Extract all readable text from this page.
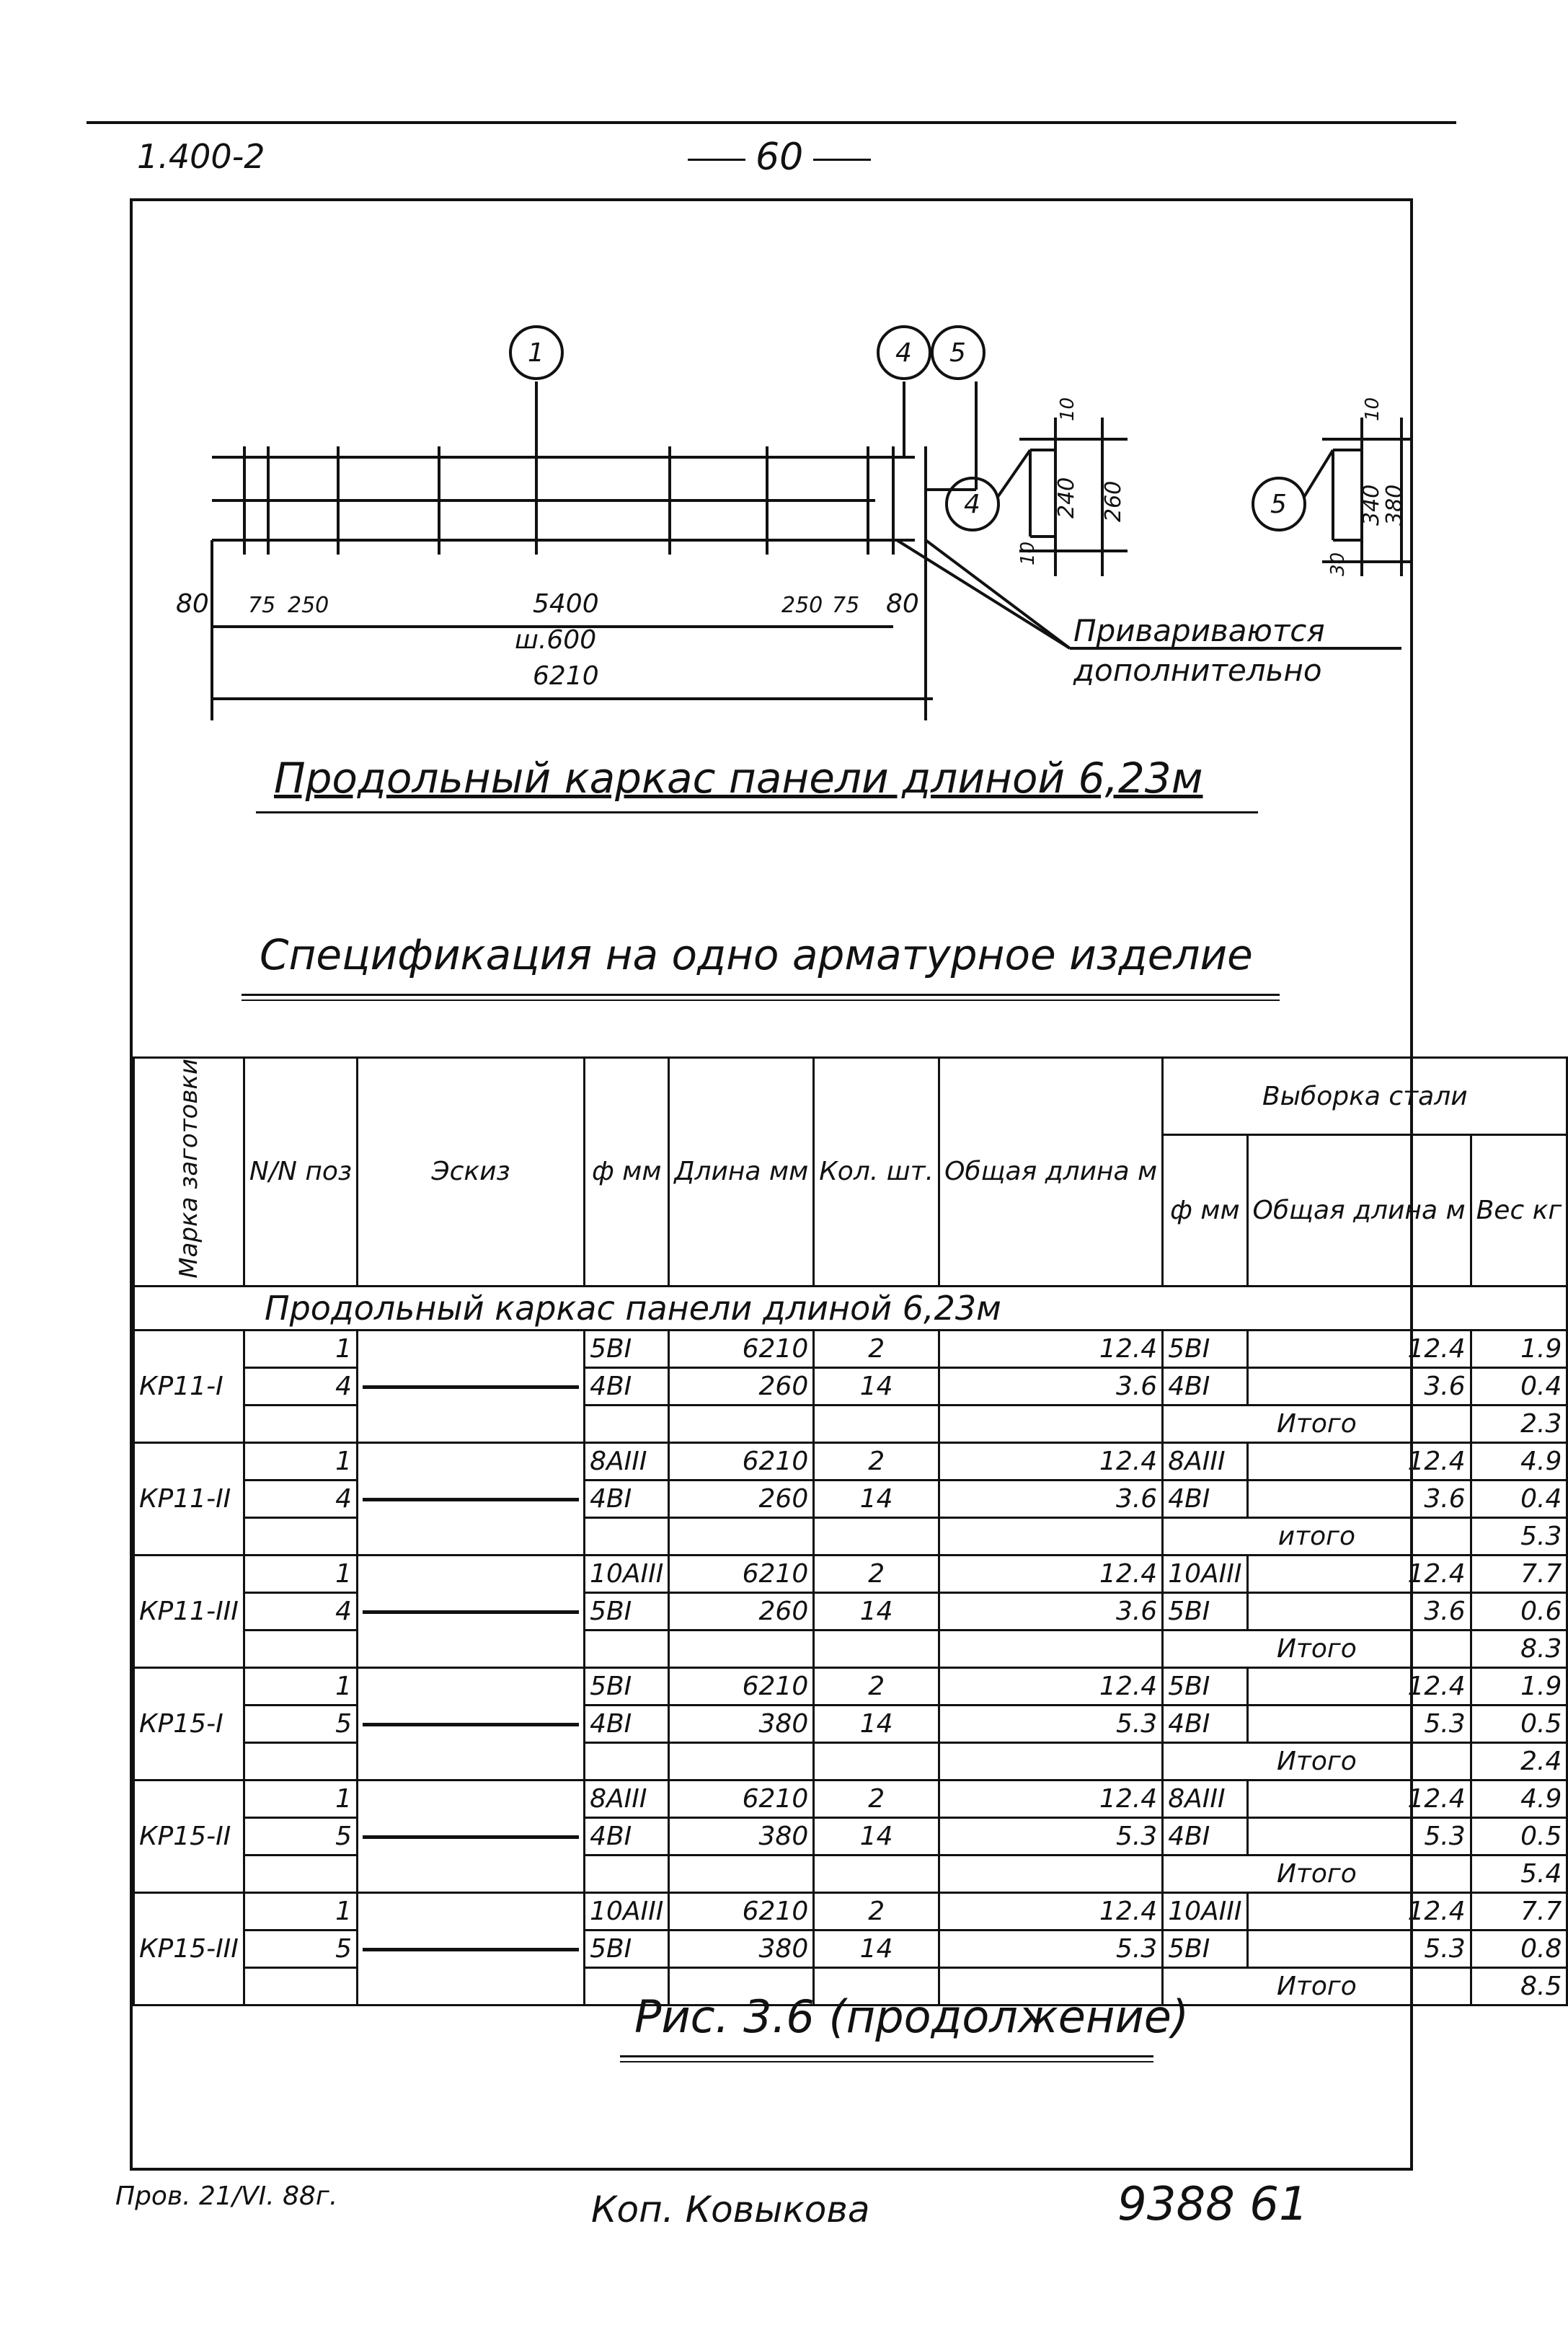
1.400-2	60
1	4 5
80 75 250	5400	250 75 80
ш.600
6210
4	5
10
240
10
260
10
340
30
380
Привариваются
дополнительно
Продольный каркас панели длиной 6,23м
Спецификация на одно арматурное изделие
Марка заготовки	N/N поз	Эскиз	ф мм	Длина мм	Кол. шт.	Общая длина м	Выборка стали		
							ф мм	Общая длина м	Вес кг
Продольный каркас панели длиной 6,23м									
КР11-I	1		5BI	6210	2	12.4	5BI	12.4	1.9
	4		4BI	260	14	3.6	4BI	3.6	0.4
							Итого		2.3
КР11-II	1		8AIII	6210	2	12.4	8AIII	12.4	4.9
	4		4BI	260	14	3.6	4BI	3.6	0.4
							итого		5.3
КР11-III	1		10AIII	6210	2	12.4	10AIII	12.4	7.7
	4		5BI	260	14	3.6	5BI	3.6	0.6
							Итого		8.3
КР15-I	1		5BI	6210	2	12.4	5BI	12.4	1.9
	5		4BI	380	14	5.3	4BI	5.3	0.5
							Итого		2.4
КР15-II	1		8AIII	6210	2	12.4	8AIII	12.4	4.9
	5		4BI	380	14	5.3	4BI	5.3	0.5
							Итого		5.4
КР15-III	1		10AIII	6210	2	12.4	10AIII	12.4	7.7
	5		5BI	380	14	5.3	5BI	5.3	0.8
							Итого		8.5
Рис. 3.6 (продолжение)
Пров. 21/VI. 88г.	Коп. Ковыкова	9388 61
